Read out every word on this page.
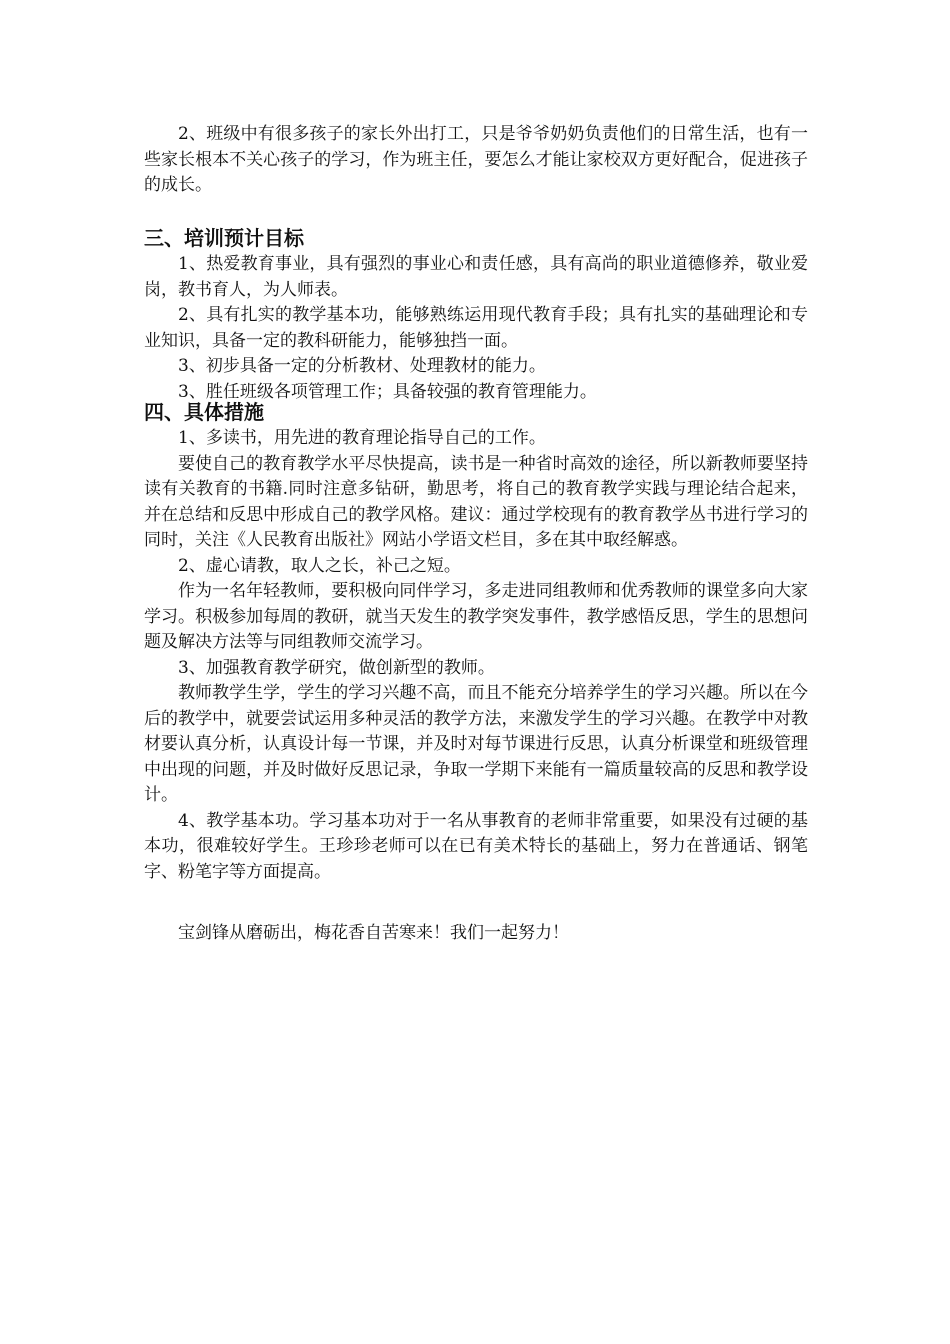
2、班级中有很多孩子的家长外出打工，只是爷爷奶奶负责他们的日常生活，也有一些家长根本不关心孩子的学习，作为班主任，要怎么才能让家校双方更好配合，促进孩子的成长。

三、培训预计目标

1、热爱教育事业，具有强烈的事业心和责任感，具有高尚的职业道德修养，敬业爱岗，教书育人，为人师表。

2、具有扎实的教学基本功，能够熟练运用现代教育手段；具有扎实的基础理论和专业知识，具备一定的教科研能力，能够独挡一面。

3、初步具备一定的分析教材、处理教材的能力。

3、胜任班级各项管理工作；具备较强的教育管理能力。

四、具体措施

1、多读书，用先进的教育理论指导自己的工作。

要使自己的教育教学水平尽快提高，读书是一种省时高效的途径，所以新教师要坚持读有关教育的书籍.同时注意多钻研，勤思考，将自己的教育教学实践与理论结合起来，并在总结和反思中形成自己的教学风格。建议：通过学校现有的教育教学丛书进行学习的同时，关注《人民教育出版社》网站小学语文栏目，多在其中取经解惑。

2、虚心请教，取人之长，补己之短。

作为一名年轻教师，要积极向同伴学习，多走进同组教师和优秀教师的课堂多向大家学习。积极参加每周的教研，就当天发生的教学突发事件，教学感悟反思，学生的思想问题及解决方法等与同组教师交流学习。

3、加强教育教学研究，做创新型的教师。

教师教学生学，学生的学习兴趣不高，而且不能充分培养学生的学习兴趣。所以在今后的教学中，就要尝试运用多种灵活的教学方法，来激发学生的学习兴趣。在教学中对教材要认真分析，认真设计每一节课，并及时对每节课进行反思，认真分析课堂和班级管理中出现的问题，并及时做好反思记录，争取一学期下来能有一篇质量较高的反思和教学设计。

4、教学基本功。学习基本功对于一名从事教育的老师非常重要，如果没有过硬的基本功，很难较好学生。王珍珍老师可以在已有美术特长的基础上，努力在普通话、钢笔字、粉笔字等方面提高。

宝剑锋从磨砺出，梅花香自苦寒来！我们一起努力！
